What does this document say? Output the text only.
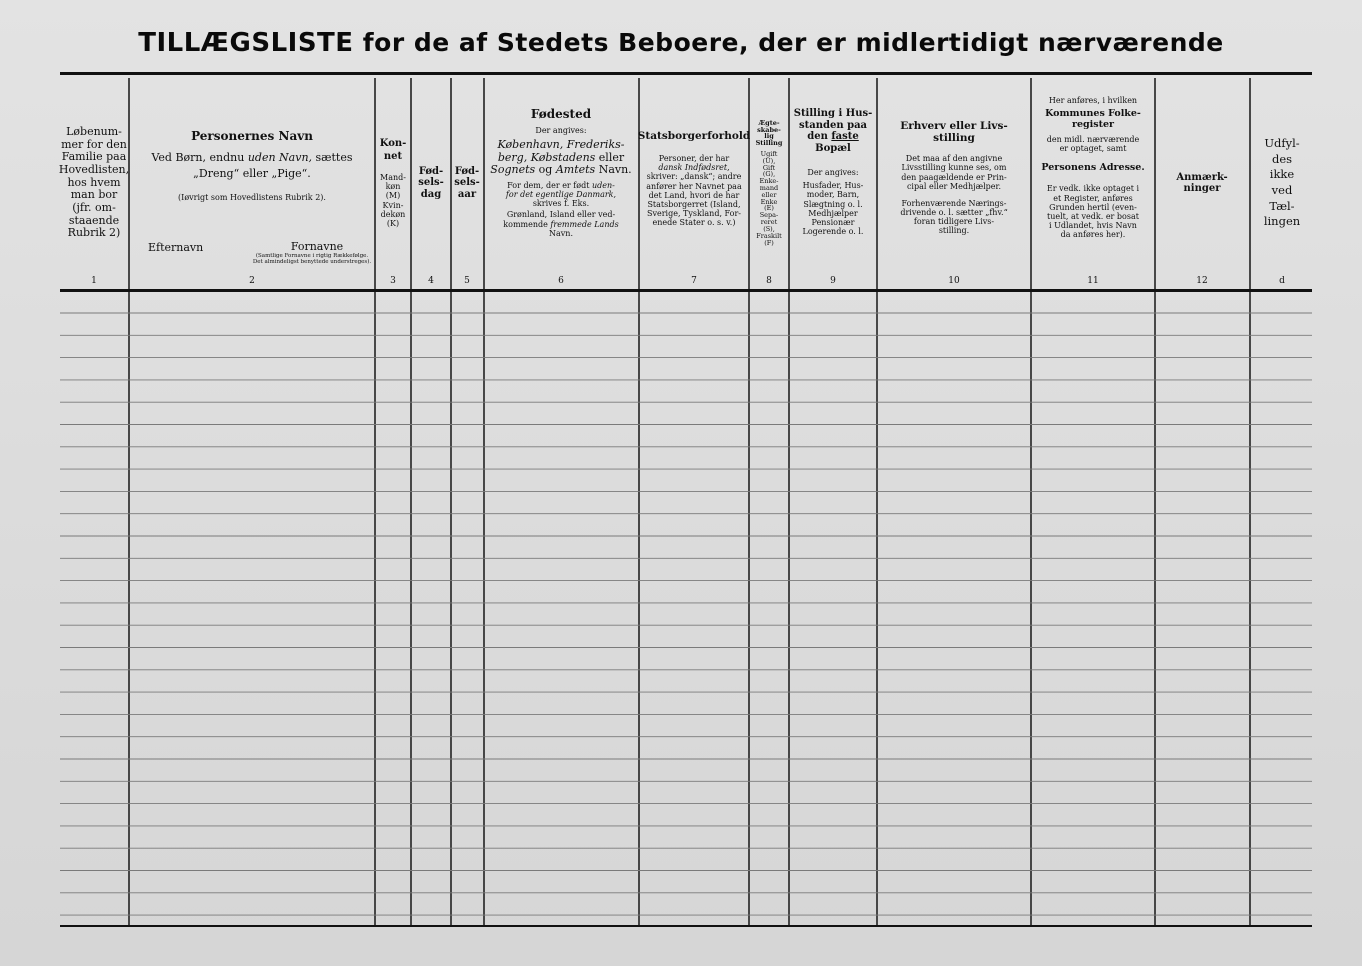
TILLÆGSLISTE for de af Stedets Beboere, der er midlertidigt nærværende
Løbenum-
mer for den
Familie paa
Hovedlisten,
hos hvem
man bor
(jfr. om-
staaende
Rubrik 2)
1

Personernes Navn

Ved Børn, endnu uden Navn, sættes

„Dreng“ eller „Pige“.

(Iøvrigt som Hovedlistens Rubrik 2).

Efternavn	Fornavne
(Samtlige Fornavne i rigtig Rækkefølge. Det almindeligst benyttede understreges).
2

Kon-

net

Mand-
køn
(M)
Kvin-
dekøn
(K)

3

Fød-

sels-

dag

4

Fød-

sels-

aar

5

Fødested

Der angives:

København, Frederiks-
berg, Købstadens eller

Sognets og Amtets Navn.

For dem, der er født uden-
for det egentlige Danmark,

skrives f. Eks.

Grønland, Island eller ved-
kommende fremmede Lands

Navn.

6

Statsborgerforhold

Personer, der har

dansk Indfødsret,

skriver: „dansk“; andre
anfører her Navnet paa
det Land, hvori de har
Statsborgerret (Island,
Sverige, Tyskland, For-
enede Stater o. s. v.)

7

Ægte-
skabe-
lig
Stilling

Ugift
(U),
Gift
(G),
Enke-
mand
eller
Enke
(E)
Sepa-
reret
(S),
Fraskilt
(F)

8

Stilling i Hus-
standen paa
den faste

Bopæl

Der angives:

Husfader, Hus-
moder, Barn,
Slægtning o. l.
Medhjælper
Pensionær
Logerende o. l.

9

Erhverv eller Livs-
stilling

Det maa af den angivne
Livsstilling kunne ses, om
den paagældende er Prin-
cipal eller Medhjælper.

Forhenværende Nærings-
drivende o. l. sætter „fhv.“
foran tidligere Livs-
stilling.

10

Her anføres, i hvilken

Kommunes Folke-
register

den midl. nærværende
er optaget, samt

Personens Adresse.

Er vedk. ikke optaget i
et Register, anføres
Grunden hertil (even-
tuelt, at vedk. er bosat
i Udlandet, hvis Navn
da anføres her).

11

Anmærk-
ninger

12
Udfyl-
des
ikke
ved
Tæl-
lingen
d
